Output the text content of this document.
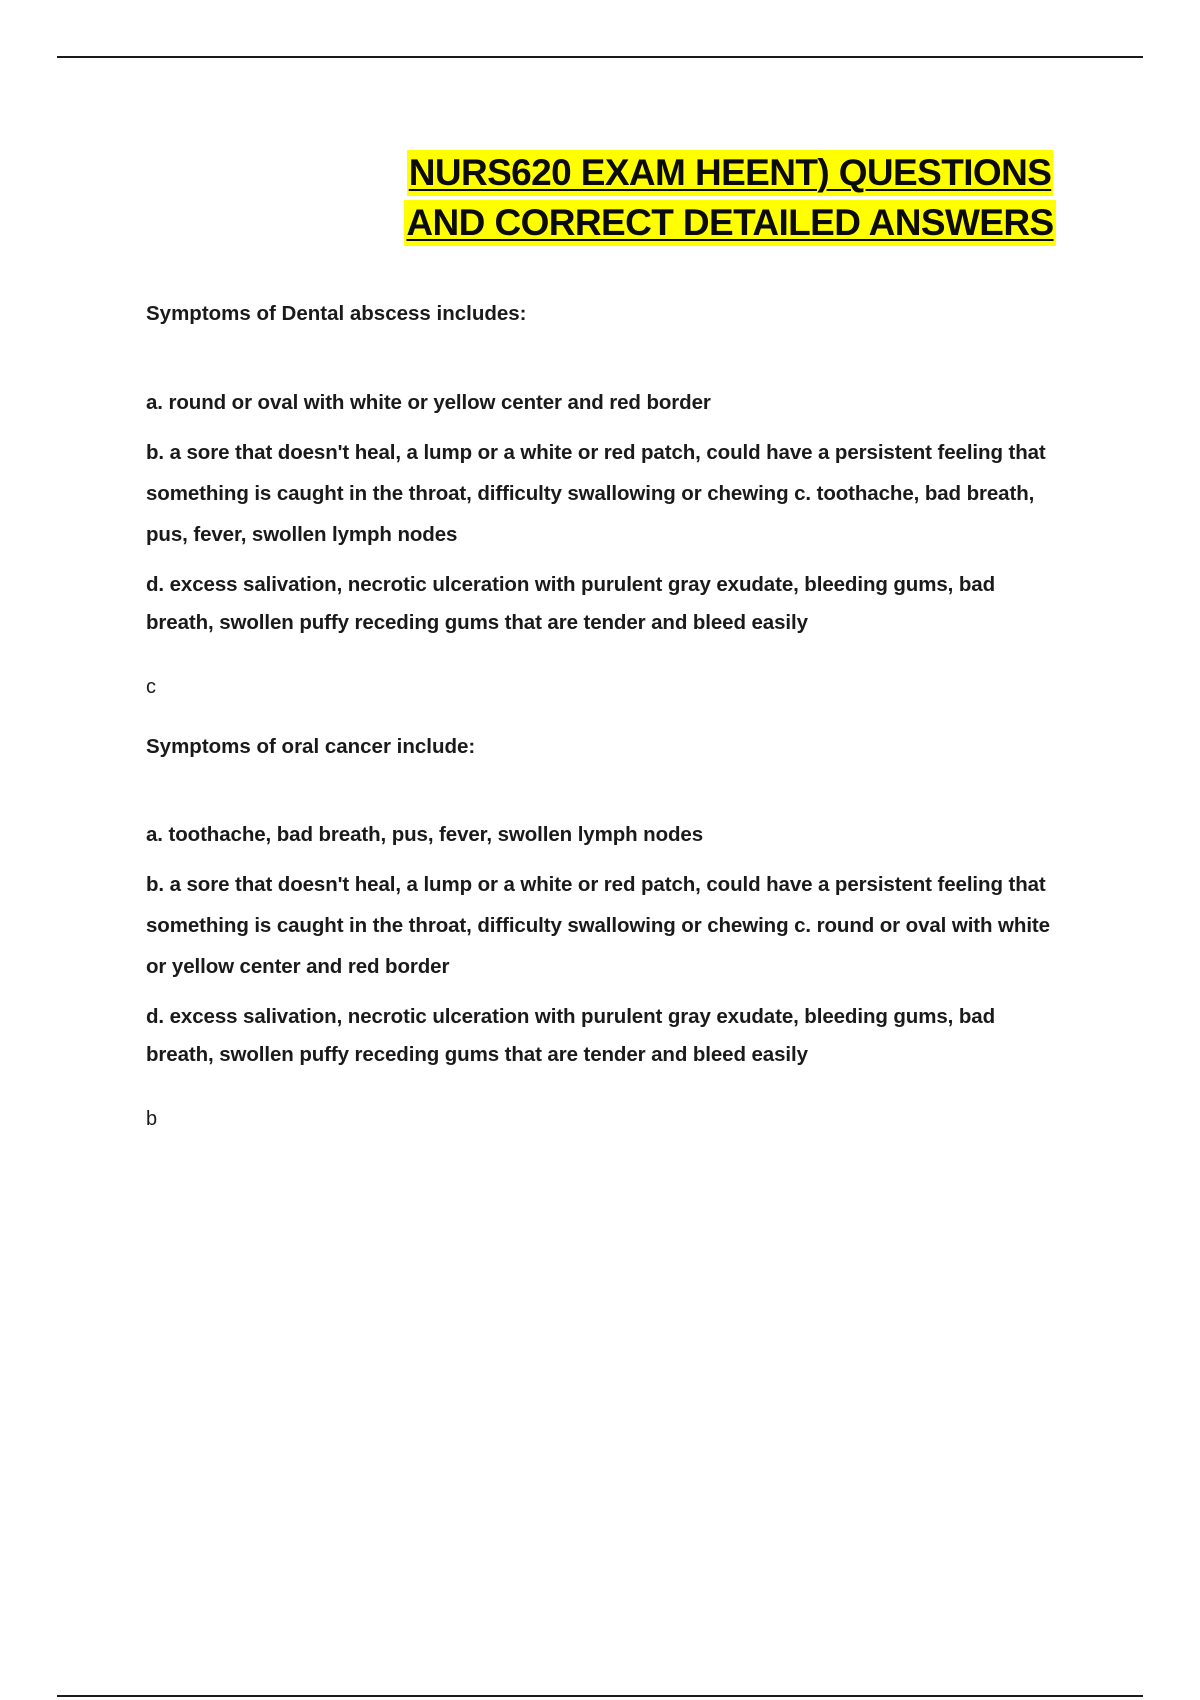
NURS620 EXAM HEENT) QUESTIONS
AND CORRECT DETAILED ANSWERS
Symptoms of Dental abscess includes:
a. round or oval with white or yellow center and red border
b. a sore that doesn't heal, a lump or a white or red patch, could have a persistent feeling that something is caught in the throat, difficulty swallowing or chewing c. toothache, bad breath, pus, fever, swollen lymph nodes
d. excess salivation, necrotic ulceration with purulent gray exudate, bleeding gums, bad breath, swollen puffy receding gums that are tender and bleed easily
c
Symptoms of oral cancer include:
a. toothache, bad breath, pus, fever, swollen lymph nodes
b. a sore that doesn't heal, a lump or a white or red patch, could have a persistent feeling that something is caught in the throat, difficulty swallowing or chewing c. round or oval with white or yellow center and red border
d. excess salivation, necrotic ulceration with purulent gray exudate, bleeding gums, bad breath, swollen puffy receding gums that are tender and bleed easily
b
